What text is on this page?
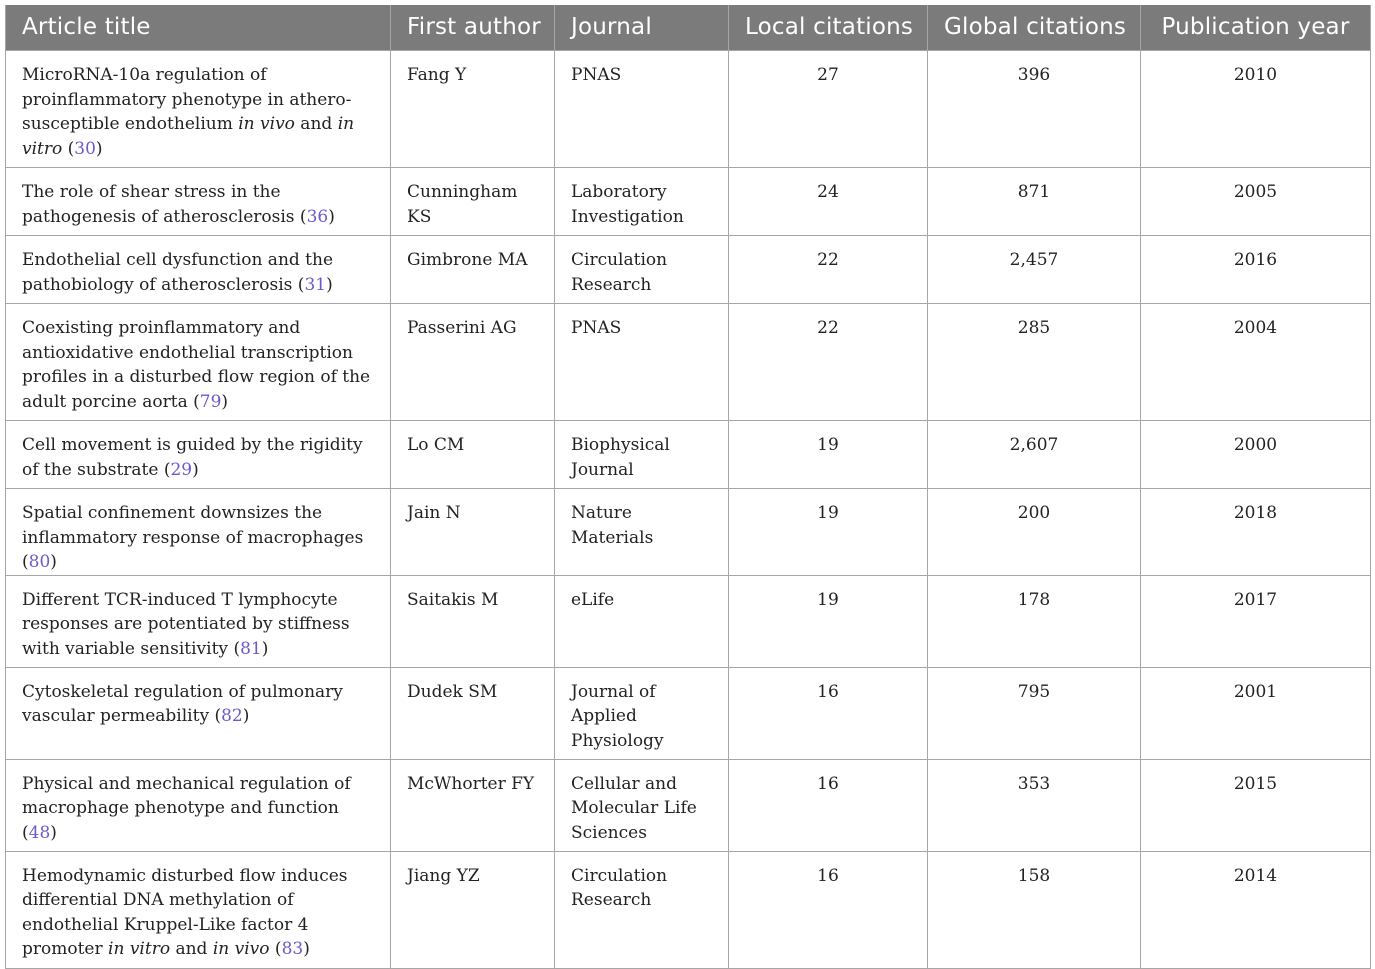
Article title	First author	Journal	Local citations	Global citations	Publication year
MicroRNA-10a regulation of proinflammatory phenotype in athero-susceptible endothelium in vivo and in vitro (30)	Fang Y	PNAS	27	396	2010
The role of shear stress in the pathogenesis of atherosclerosis (36)	Cunningham KS	Laboratory Investigation	24	871	2005
Endothelial cell dysfunction and the pathobiology of atherosclerosis (31)	Gimbrone MA	Circulation Research	22	2,457	2016
Coexisting proinflammatory and antioxidative endothelial transcription profiles in a disturbed flow region of the adult porcine aorta (79)	Passerini AG	PNAS	22	285	2004
Cell movement is guided by the rigidity of the substrate (29)	Lo CM	Biophysical Journal	19	2,607	2000
Spatial confinement downsizes the inflammatory response of macrophages (80)	Jain N	Nature Materials	19	200	2018
Different TCR-induced T lymphocyte responses are potentiated by stiffness with variable sensitivity (81)	Saitakis M	eLife	19	178	2017
Cytoskeletal regulation of pulmonary vascular permeability (82)	Dudek SM	Journal of Applied Physiology	16	795	2001
Physical and mechanical regulation of macrophage phenotype and function (48)	McWhorter FY	Cellular and Molecular Life Sciences	16	353	2015
Hemodynamic disturbed flow induces differential DNA methylation of endothelial Kruppel-Like factor 4 promoter in vitro and in vivo (83)	Jiang YZ	Circulation Research	16	158	2014
